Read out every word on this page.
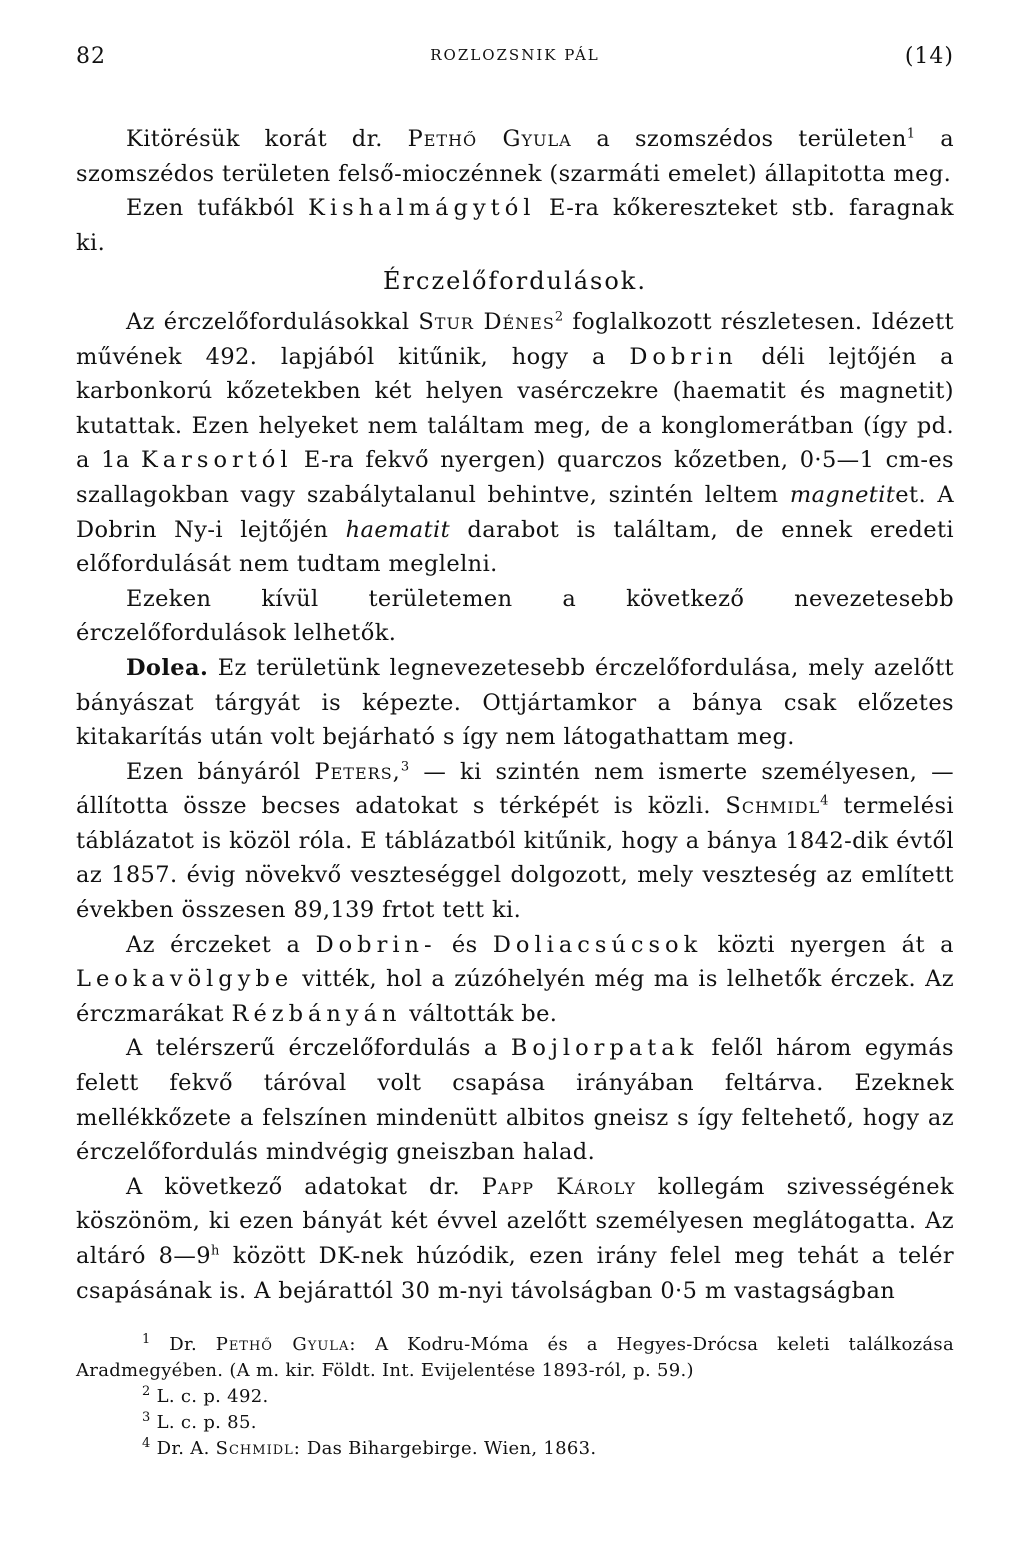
82	ROZLOZSNIK PÁL	(14)

Kitörésük korát dr. Pethő Gyula a szomszédos területen$^1$ a szomszédos területen felső-mioczénnek (szarmáti emelet) állapitotta meg.

Ezen tufákból Kishalmágytól E-ra kőkereszteket stb. faragnak ki.

Érczelőfordulások.

Az érczelőfordulásokkal Stur Dénes$^2$ foglalkozott részletesen. Idézett művének 492. lapjából kitűnik, hogy a Dobrin déli lejtőjén a karbonkorú kőzetekben két helyen vasérczekre (haematit és magnetit) kutattak. Ezen helyeket nem találtam meg, de a konglomerátban (így pd. a 1a Karsortól E-ra fekvő nyergen) quarczos kőzetben, 0·5—1 cm-es szallagokban vagy szabálytalanul behintve, szintén leltem magnetitet. A Dobrin Ny-i lejtőjén haematit darabot is találtam, de ennek eredeti előfordulását nem tudtam meglelni.

Ezeken kívül területemen a következő nevezetesebb érczelőfordulások lelhetők.

Dolea. Ez területünk legnevezetesebb érczelőfordulása, mely azelőtt bányászat tárgyát is képezte. Ottjártamkor a bánya csak előzetes kitakarítás után volt bejárható s így nem látogathattam meg.

Ezen bányáról Peters,$^3$ — ki szintén nem ismerte személyesen, — állította össze becses adatokat s térképét is közli. Schmidl$^4$ termelési táblázatot is közöl róla. E táblázatból kitűnik, hogy a bánya 1842-dik évtől az 1857. évig növekvő veszteséggel dolgozott, mely veszteség az említett években összesen 89,139 frtot tett ki.

Az érczeket a Dobrin- és Doliacsúcsok közti nyergen át a Leokavölgybe vitték, hol a zúzóhelyén még ma is lelhetők érczek. Az érczmarákat Rézbányán váltották be.

A telérszerű érczelőfordulás a Bojlorpatak felől három egymás felett fekvő táróval volt csapása irányában feltárva. Ezeknek mellékkőzete a felszínen mindenütt albitos gneisz s így feltehető, hogy az érczelőfordulás mindvégig gneiszban halad.

A következő adatokat dr. Papp Károly kollegám szivességének köszönöm, ki ezen bányát két évvel azelőtt személyesen meglátogatta. Az altáró 8—9$^h$ között DK-nek húzódik, ezen irány felel meg tehát a telér csapásának is. A bejárattól 30 m-nyi távolságban 0·5 m vastagságban

$^1$ Dr. Pethő Gyula: A Kodru-Móma és a Hegyes-Drócsa keleti találkozása Aradmegyében. (A m. kir. Földt. Int. Evijelentése 1893-ról, p. 59.)

$^2$ L. c. p. 492.

$^3$ L. c. p. 85.

$^4$ Dr. A. Schmidl: Das Bihargebirge. Wien, 1863.
